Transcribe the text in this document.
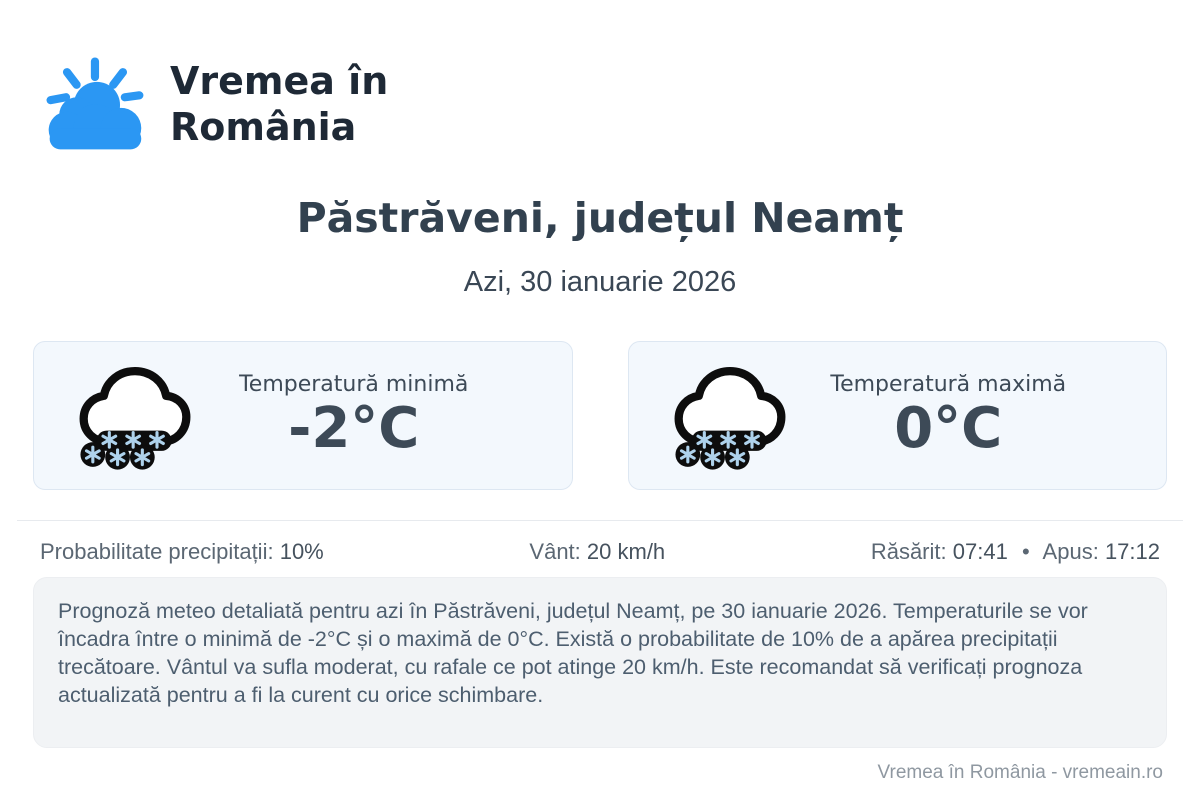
Vremea în
România
Păstrăveni, județul Neamț
Azi, 30 ianuarie 2026
Temperatură minimă
-2°C
Temperatură maximă
0°C
Probabilitate precipitații: 10%	Vânt: 20 km/h	Răsărit: 07:41 • Apus: 17:12
Prognoză meteo detaliată pentru azi în Păstrăveni, județul Neamț, pe 30 ianuarie 2026. Temperaturile se vor încadra între o minimă de -2°C și o maximă de 0°C. Există o probabilitate de 10% de a apărea precipitații trecătoare. Vântul va sufla moderat, cu rafale ce pot atinge 20 km/h. Este recomandat să verificați prognoza actualizată pentru a fi la curent cu orice schimbare.
Vremea în România - vremeain.ro
